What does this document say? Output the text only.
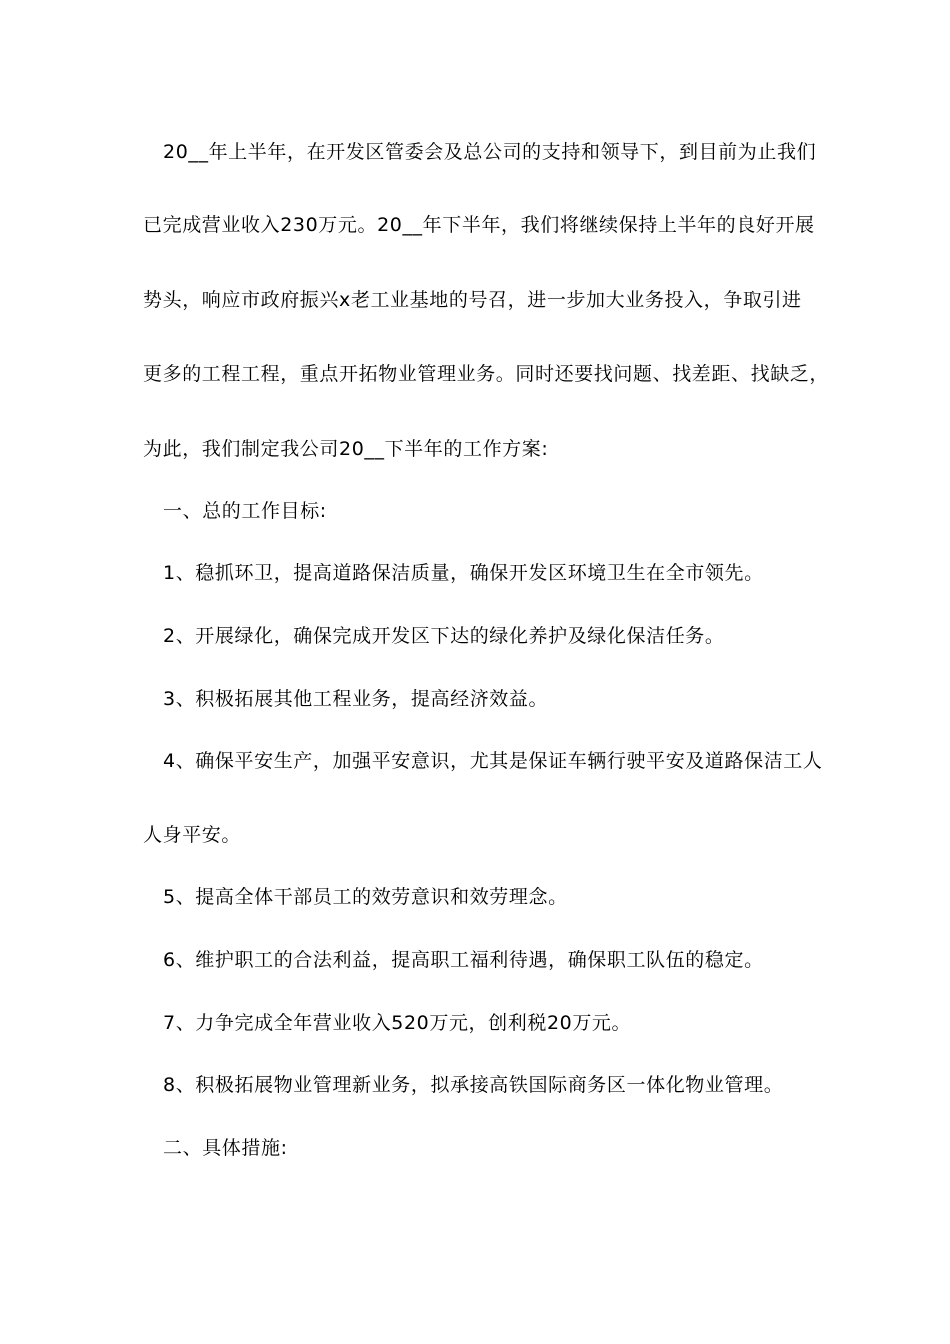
20__年上半年，在开发区管委会及总公司的支持和领导下，到目前为止我们
已完成营业收入230万元。20__年下半年，我们将继续保持上半年的良好开展
势头，响应市政府振兴x老工业基地的号召，进一步加大业务投入，争取引进
更多的工程工程，重点开拓物业管理业务。同时还要找问题、找差距、找缺乏，
为此，我们制定我公司20__下半年的工作方案:
一、总的工作目标:
1、稳抓环卫，提高道路保洁质量，确保开发区环境卫生在全市领先。
2、开展绿化，确保完成开发区下达的绿化养护及绿化保洁任务。
3、积极拓展其他工程业务，提高经济效益。
4、确保平安生产，加强平安意识，尤其是保证车辆行驶平安及道路保洁工人
人身平安。
5、提高全体干部员工的效劳意识和效劳理念。
6、维护职工的合法利益，提高职工福利待遇，确保职工队伍的稳定。
7、力争完成全年营业收入520万元，创利税20万元。
8、积极拓展物业管理新业务，拟承接高铁国际商务区一体化物业管理。
二、具体措施:
